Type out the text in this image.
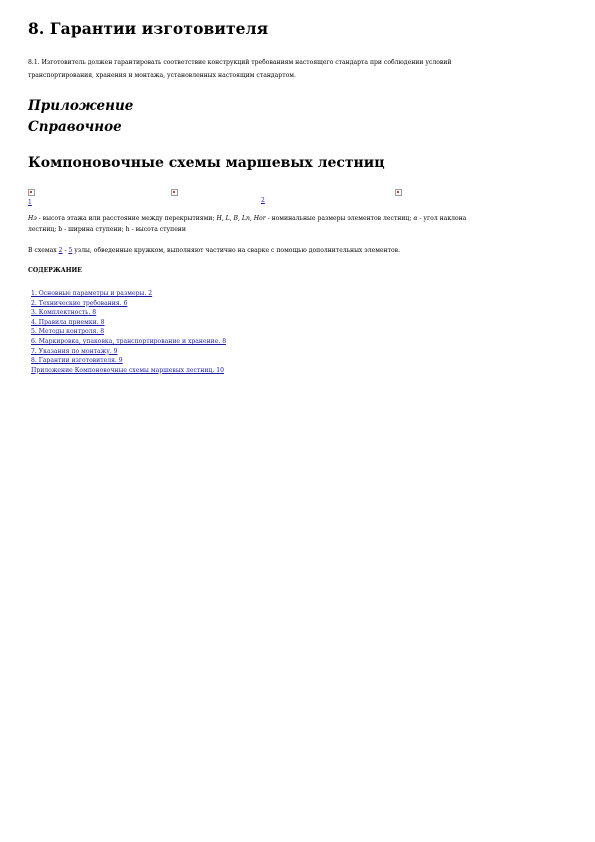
8. Гарантии изготовителя

8.1. Изготовитель должен гарантировать соответствие конструкций требованиям настоящего стандарта при соблюдении условий
транспортирования, хранения и монтажа, установленных настоящим стандартом.

Приложение
Справочное
Компоновочные схемы маршевых лестниц
1	2

Нэ - высота этажа или расстояние между перекрытиями; Н, L, B, Ln, Hor - номинальные размеры элементов лестниц; α - угол наклона
лестниц; b - ширина ступени; h - высота ступени

В схемах 2 - 5 узлы, обведенные кружком, выполняют частично на сварке с помощью дополнительных элементов.

СОДЕРЖАНИЕ
1. Основные параметры и размеры. 2
2. Технические требования. 6
3. Комплектность. 8
4. Правила приемки. 8
5. Методы контроля. 8
6. Маркировка, упаковка, транспортирование и хранение. 8
7. Указания по монтажу. 9
8. Гарантии изготовителя. 9
Приложение Компоновочные схемы маршевых лестниц. 10
